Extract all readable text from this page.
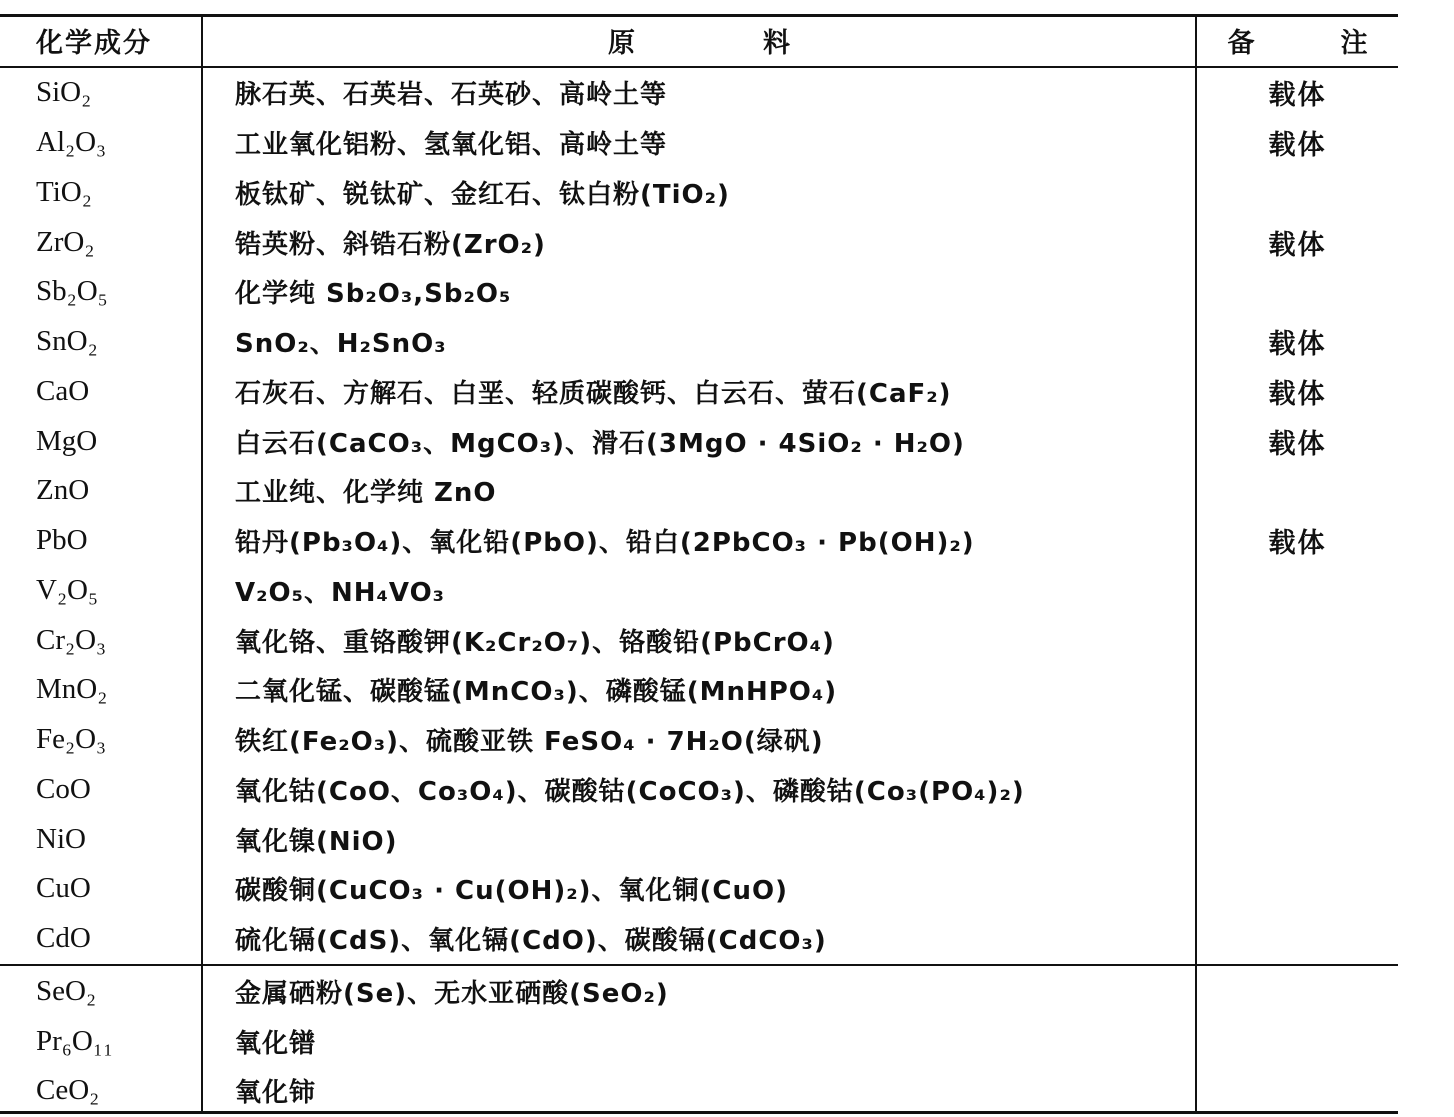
化学成分	原料	备注
SiO₂	脉石英、石英岩、石英砂、高岭土等	载体
Al₂O₃	工业氧化铝粉、氢氧化铝、高岭土等	载体
TiO₂	板钛矿、锐钛矿、金红石、钛白粉(TiO₂)
ZrO₂	锆英粉、斜锆石粉(ZrO₂)	载体
Sb₂O₅	化学纯 Sb₂O₃,Sb₂O₅
SnO₂	SnO₂、H₂SnO₃	载体
CaO	石灰石、方解石、白垩、轻质碳酸钙、白云石、萤石(CaF₂)	载体
MgO	白云石(CaCO₃、MgCO₃)、滑石(3MgO · 4SiO₂ · H₂O)	载体
ZnO	工业纯、化学纯 ZnO
PbO	铅丹(Pb₃O₄)、氧化铅(PbO)、铅白(2PbCO₃ · Pb(OH)₂)	载体
V₂O₅	V₂O₅、NH₄VO₃
Cr₂O₃	氧化铬、重铬酸钾(K₂Cr₂O₇)、铬酸铅(PbCrO₄)
MnO₂	二氧化锰、碳酸锰(MnCO₃)、磷酸锰(MnHPO₄)
Fe₂O₃	铁红(Fe₂O₃)、硫酸亚铁 FeSO₄ · 7H₂O(绿矾)
CoO	氧化钴(CoO、Co₃O₄)、碳酸钴(CoCO₃)、磷酸钴(Co₃(PO₄)₂)
NiO	氧化镍(NiO)
CuO	碳酸铜(CuCO₃ · Cu(OH)₂)、氧化铜(CuO)
CdO	硫化镉(CdS)、氧化镉(CdO)、碳酸镉(CdCO₃)
SeO₂	金属硒粉(Se)、无水亚硒酸(SeO₂)
Pr₆O₁₁	氧化镨
CeO₂	氧化铈
